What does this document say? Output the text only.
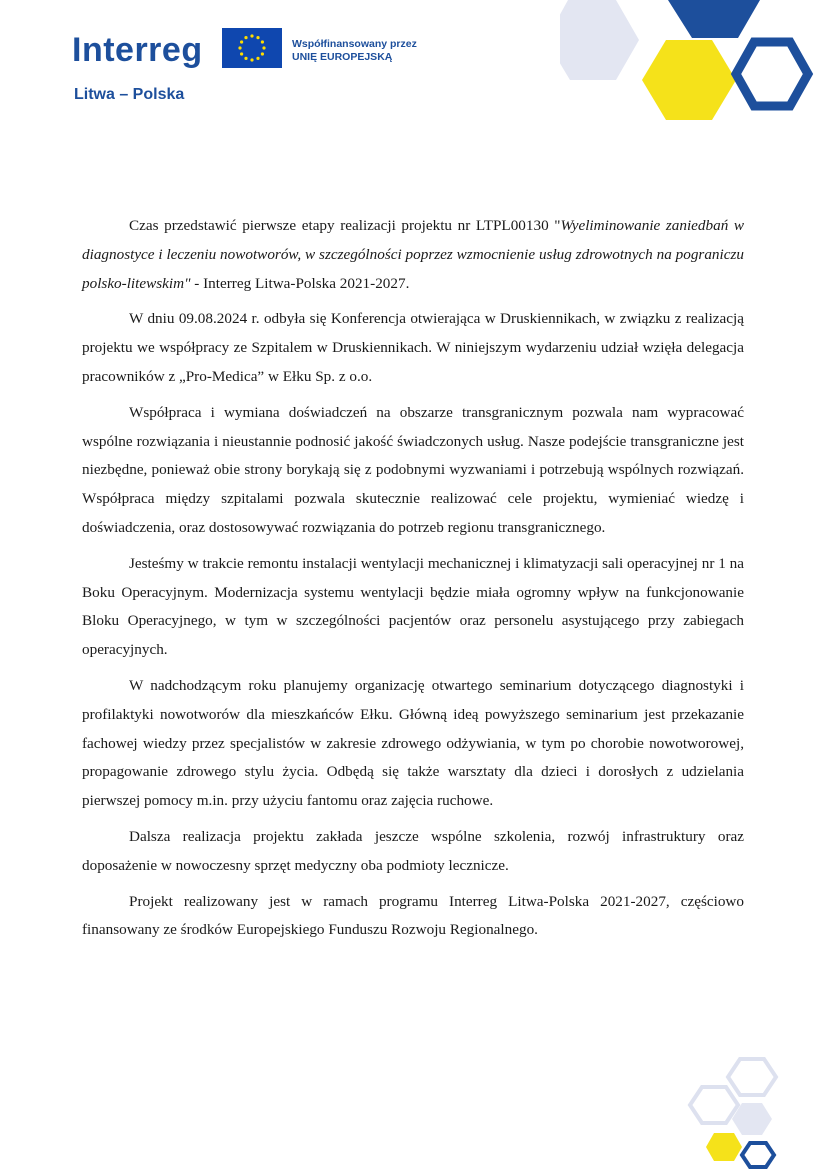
Interreg
Litwa – Polska
Współfinansowany przez
UNIĘ EUROPEJSKĄ

Czas przedstawić pierwsze etapy realizacji projektu nr LTPL00130 "Wyeliminowanie zaniedbań w diagnostyce i leczeniu nowotworów, w szczególności poprzez wzmocnienie usług zdrowotnych na pograniczu polsko-litewskim" - Interreg Litwa-Polska 2021-2027.

W dniu 09.08.2024 r. odbyła się Konferencja otwierająca w Druskiennikach, w związku z realizacją projektu we współpracy ze Szpitalem w Druskiennikach. W niniejszym wydarzeniu udział wzięła delegacja pracowników z „Pro-Medica” w Ełku Sp. z o.o.

Współpraca i wymiana doświadczeń na obszarze transgranicznym pozwala nam wypracować wspólne rozwiązania i nieustannie podnosić jakość świadczonych usług. Nasze podejście transgraniczne jest niezbędne, ponieważ obie strony borykają się z podobnymi wyzwaniami i potrzebują wspólnych rozwiązań. Współpraca między szpitalami pozwala skutecznie realizować cele projektu, wymieniać wiedzę i doświadczenia, oraz dostosowywać rozwiązania do potrzeb regionu transgranicznego.

Jesteśmy w trakcie remontu instalacji wentylacji mechanicznej i klimatyzacji sali operacyjnej nr 1 na Boku Operacyjnym. Modernizacja systemu wentylacji będzie miała ogromny wpływ na funkcjonowanie Bloku Operacyjnego, w tym w szczególności pacjentów oraz personelu asystującego przy zabiegach operacyjnych.

W nadchodzącym roku planujemy organizację otwartego seminarium dotyczącego diagnostyki i profilaktyki nowotworów dla mieszkańców Ełku. Główną ideą powyższego seminarium jest przekazanie fachowej wiedzy przez specjalistów w zakresie zdrowego odżywiania, w tym po chorobie nowotworowej, propagowanie zdrowego stylu życia. Odbędą się także warsztaty dla dzieci i dorosłych z udzielania pierwszej pomocy m.in. przy użyciu fantomu oraz zajęcia ruchowe.

Dalsza realizacja projektu zakłada jeszcze wspólne szkolenia, rozwój infrastruktury oraz doposażenie w nowoczesny sprzęt medyczny oba podmioty lecznicze.

Projekt realizowany jest w ramach programu Interreg Litwa-Polska 2021-2027, częściowo finansowany ze środków Europejskiego Funduszu Rozwoju Regionalnego.
